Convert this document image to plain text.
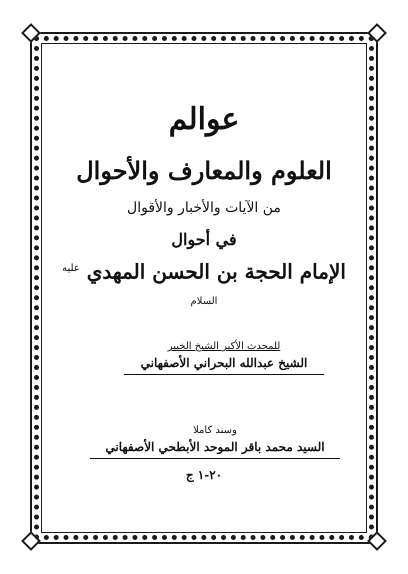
عوالم
العلوم والمعارف والأحوال
من الآيات والأخبار والأقوال
في أحوال
الإمام الحجة بن الحسن المهدي $^{عليه السلام}$
للمحدث الأكبر الشيخ الخبير
الشيخ عبدالله البحراني الأصفهاني
وسند كاملا
السيد محمد باقر الموحد الأبطحي الأصفهاني
٢٠-١ ج
